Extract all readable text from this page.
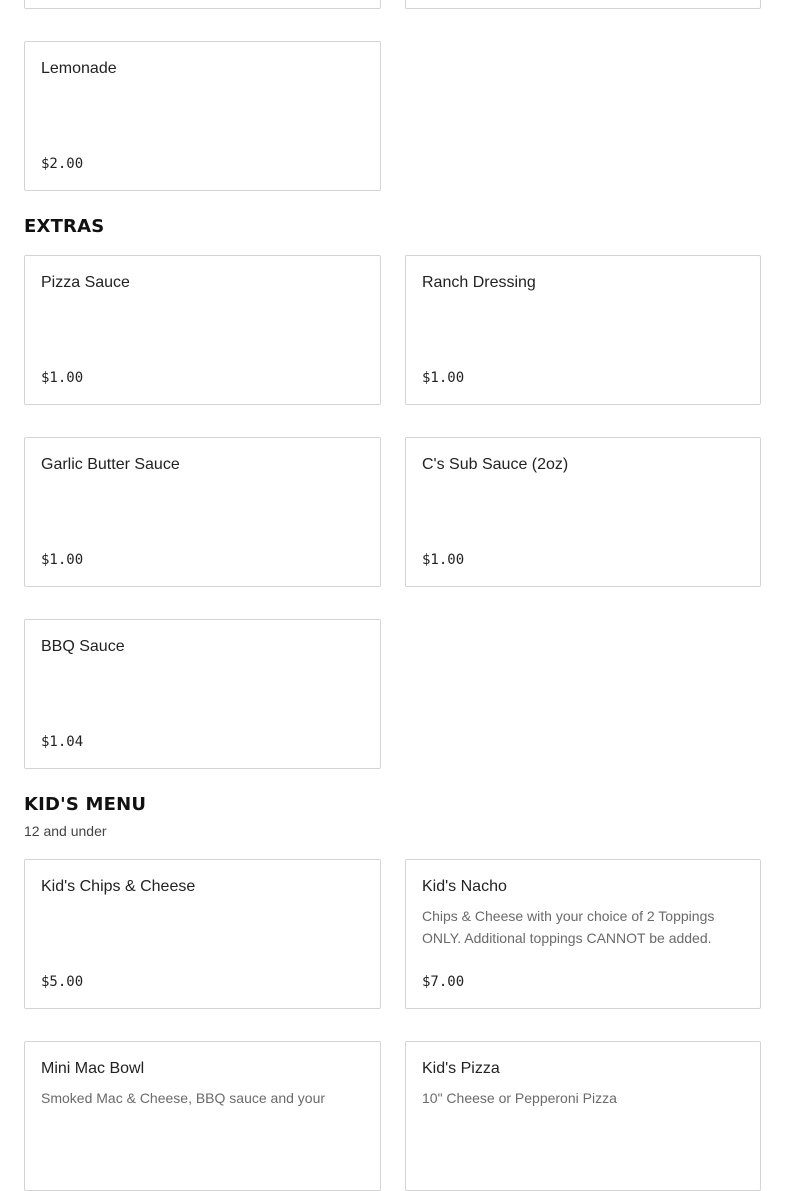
Lemonade
$2.00
EXTRAS
Pizza Sauce
$1.00
Ranch Dressing
$1.00
Garlic Butter Sauce
$1.00
C's Sub Sauce (2oz)
$1.00
BBQ Sauce
$1.04
KID'S MENU
12 and under
Kid's Chips & Cheese
$5.00
Kid's Nacho
Chips & Cheese with your choice of 2 Toppings ONLY. Additional toppings CANNOT be added.
$7.00
Mini Mac Bowl
Smoked Mac & Cheese, BBQ sauce and your
Kid's Pizza
10" Cheese or Pepperoni Pizza
